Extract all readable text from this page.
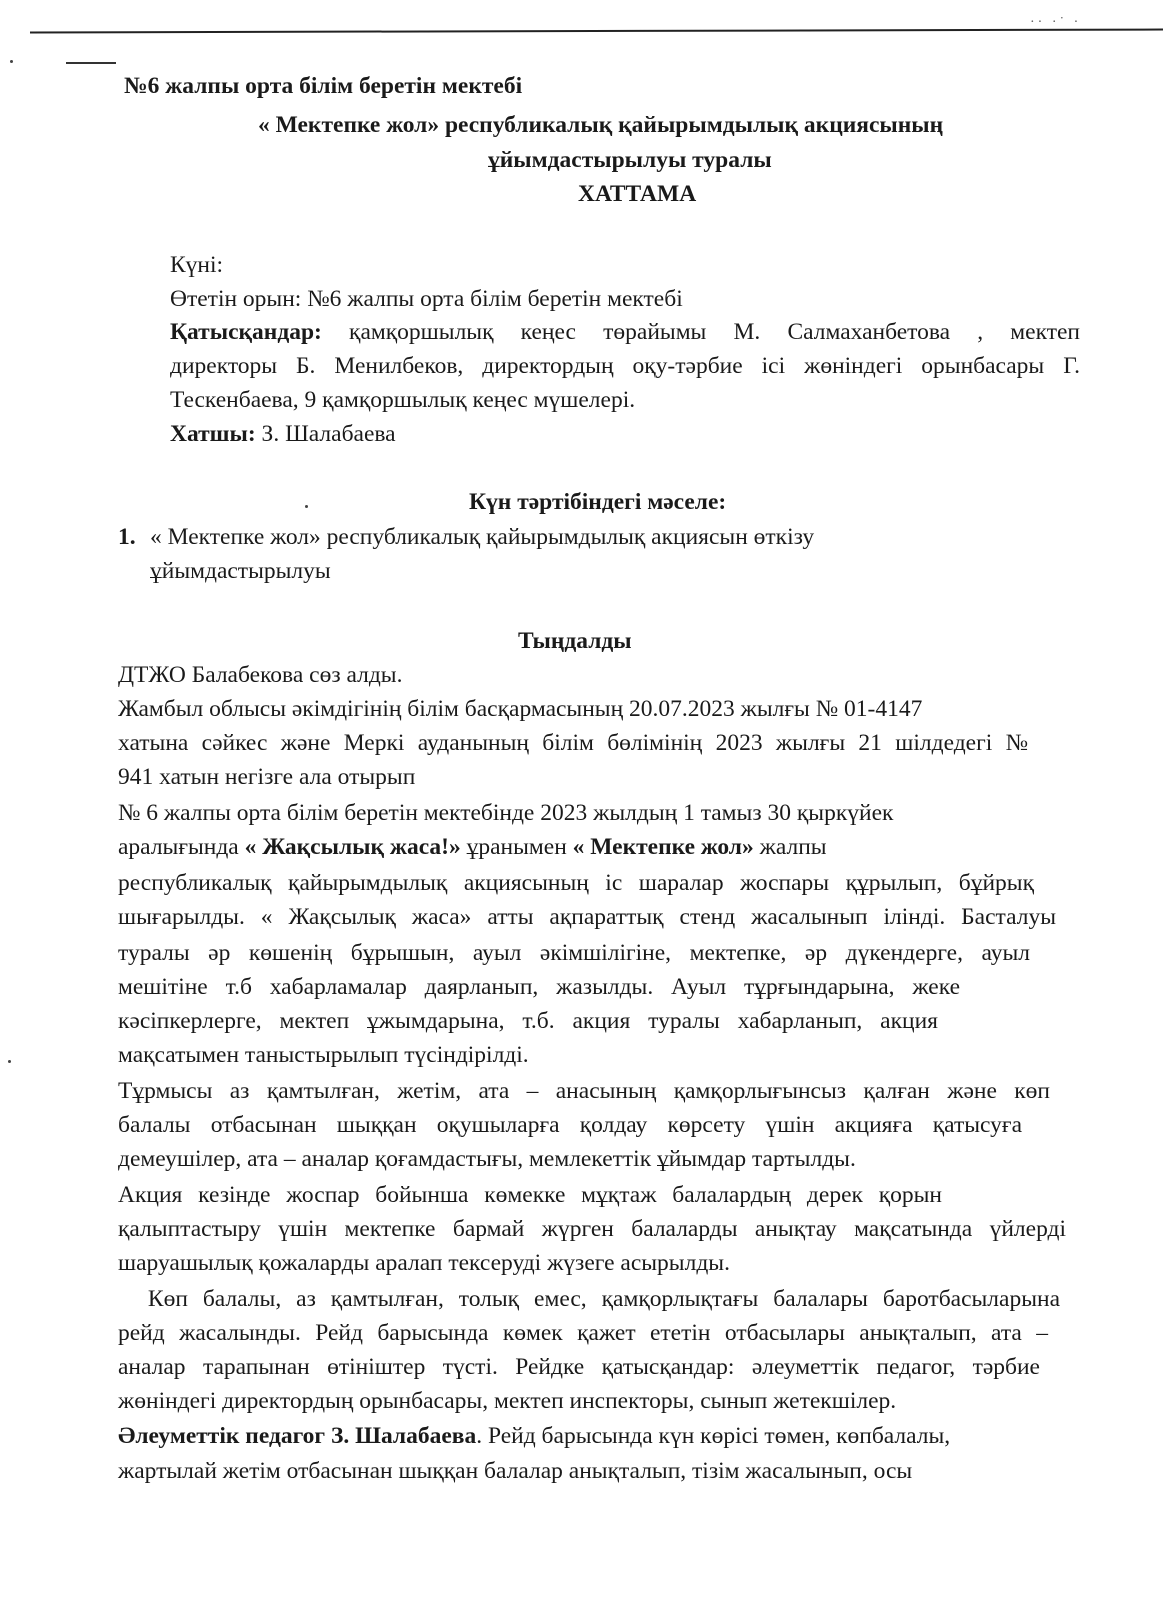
·· ·˙ ·
№6 жалпы орта білім беретін мектебі
« Мектепке жол» республикалық қайырымдылық акциясының
ұйымдастырылуы туралы
ХАТТАМА
Күні:
Өтетін орын: №6 жалпы орта білім беретін мектебі
Қатысқандар: қамқоршылық кеңес төрайымы М. Салмаханбетова , мектеп
директоры Б. Менилбеков, директордың оқу-тәрбие ісі жөніндегі орынбасары Г.
Тескенбаева, 9 қамқоршылық кеңес мүшелері.
Хатшы: З. Шалабаева
Күн тәртібіндегі мәселе:
1. « Мектепке жол» республикалық қайырымдылық акциясын өткізу
ұйымдастырылуы
Тыңдалды
ДТЖО Балабекова сөз алды.
Жамбыл облысы әкімдігінің білім басқармасының 20.07.2023 жылғы № 01-4147
хатына сәйкес және Меркі ауданының білім бөлімінің 2023 жылғы 21 шілдедегі №
941 хатын негізге ала отырып
№ 6 жалпы орта білім беретін мектебінде 2023 жылдың 1 тамыз 30 қыркүйек
аралығында « Жақсылық жаса!» ұранымен « Мектепке жол» жалпы
республикалық қайырымдылық акциясының іс шаралар жоспары құрылып, бұйрық
шығарылды. « Жақсылық жаса» атты ақпараттық стенд жасалынып ілінді. Басталуы
туралы әр көшенің бұрышын, ауыл әкімшілігіне, мектепке, әр дүкендерге, ауыл
мешітіне т.б хабарламалар даярланып, жазылды. Ауыл тұрғындарына, жеке
кәсіпкерлерге, мектеп ұжымдарына, т.б. акция туралы хабарланып, акция
мақсатымен таныстырылып түсіндірілді.
Тұрмысы аз қамтылған, жетім, ата – анасының қамқорлығынсыз қалған және көп
балалы отбасынан шыққан оқушыларға қолдау көрсету үшін акцияға қатысуға
демеушілер, ата – аналар қоғамдастығы, мемлекеттік ұйымдар тартылды.
Акция кезінде жоспар бойынша көмекке мұқтаж балалардың дерек қорын
қалыптастыру үшін мектепке бармай жүрген балаларды анықтау мақсатында үйлерді
шаруашылық қожаларды аралап тексеруді жүзеге асырылды.
Көп балалы, аз қамтылған, толық емес, қамқорлықтағы балалары баротбасыларына
рейд жасалынды. Рейд барысында көмек қажет ететін отбасылары анықталып, ата –
аналар тарапынан өтініштер түсті. Рейдке қатысқандар: әлеуметтік педагог, тәрбие
жөніндегі директордың орынбасары, мектеп инспекторы, сынып жетекшілер.
Әлеуметтік педагог З. Шалабаева. Рейд барысында күн көрісі төмен, көпбалалы,
жартылай жетім отбасынан шыққан балалар анықталып, тізім жасалынып, осы
